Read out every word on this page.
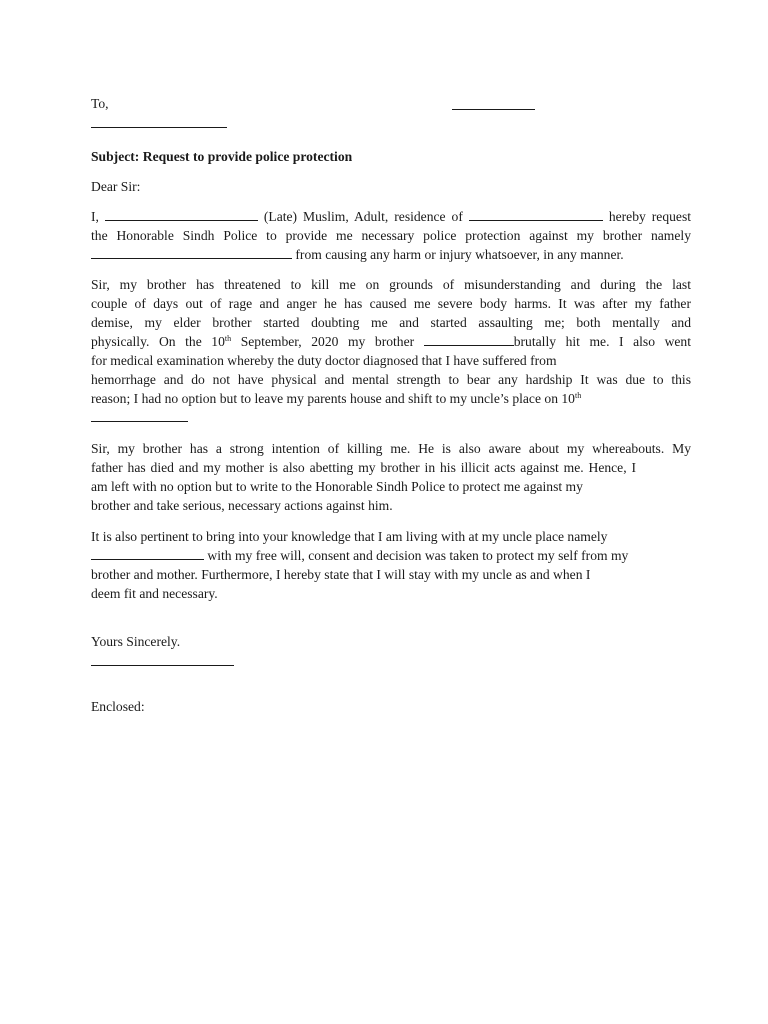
To,
Subject: Request to provide police protection
Dear Sir:
I,	(Late) Muslim, Adult, residence of	hereby request
the Honorable Sindh Police to provide me necessary police protection against my brother namely
from causing any harm or injury whatsoever, in any manner.
Sir, my brother has threatened to kill me on grounds of misunderstanding and during the last
couple of days out of rage and anger he has caused me severe body harms. It was after my father
demise, my elder brother started doubting me and started assaulting me; both mentally and
physically. On the 10th September, 2020 my brother	brutally hit me. I also went
for medical examination whereby the duty doctor diagnosed that I have suffered from
hemorrhage and do not have physical and mental strength to bear any hardship It was due to this
reason; I had no option but to leave my parents house and shift to my uncle’s place on 10th
Sir, my brother has a strong intention of killing me. He is also aware about my whereabouts. My
father has died and my mother is also abetting my brother in his illicit acts against me. Hence, I
am left with no option but to write to the Honorable Sindh Police to protect me against my
brother and take serious, necessary actions against him.
It is also pertinent to bring into your knowledge that I am living with at my uncle place namely
with my free will, consent and decision was taken to protect my self from my
brother and mother. Furthermore, I hereby state that I will stay with my uncle as and when I
deem fit and necessary.
Yours Sincerely.
Enclosed:
